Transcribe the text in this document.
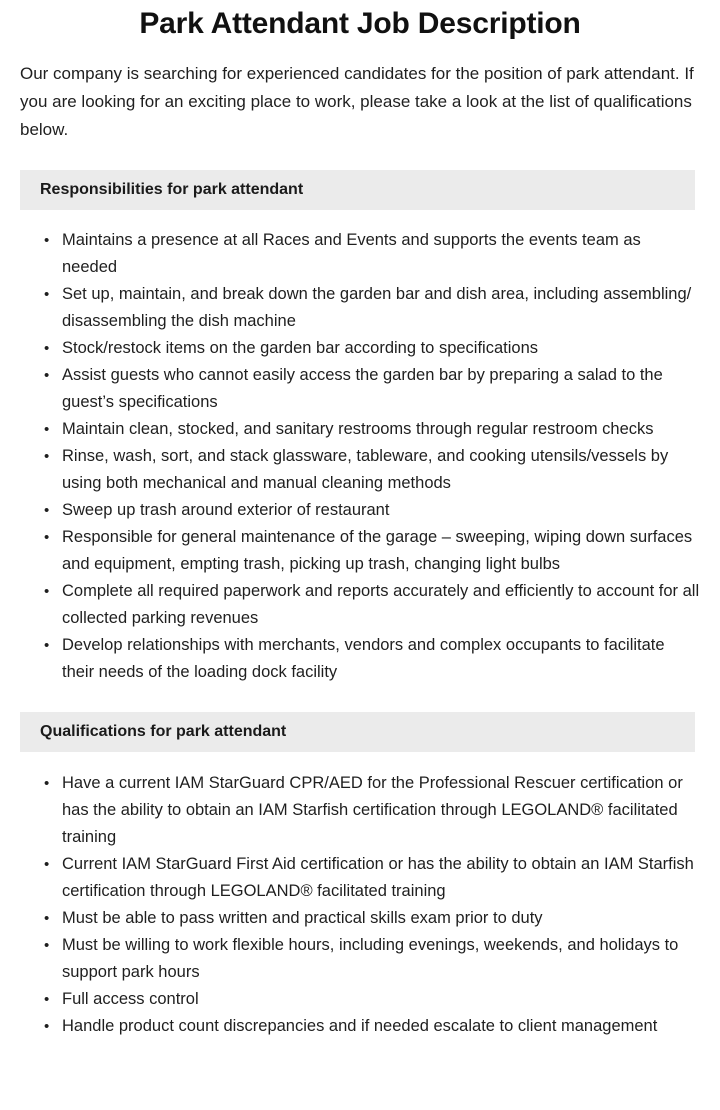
Park Attendant Job Description

Our company is searching for experienced candidates for the position of park attendant. If you are looking for an exciting place to work, please take a look at the list of qualifications below.

Responsibilities for park attendant
• Maintains a presence at all Races and Events and supports the events team as needed
• Set up, maintain, and break down the garden bar and dish area, including assembling/ disassembling the dish machine
• Stock/restock items on the garden bar according to specifications
• Assist guests who cannot easily access the garden bar by preparing a salad to the guest’s specifications
• Maintain clean, stocked, and sanitary restrooms through regular restroom checks
• Rinse, wash, sort, and stack glassware, tableware, and cooking utensils/vessels by using both mechanical and manual cleaning methods
• Sweep up trash around exterior of restaurant
• Responsible for general maintenance of the garage – sweeping, wiping down surfaces and equipment, empting trash, picking up trash, changing light bulbs
• Complete all required paperwork and reports accurately and efficiently to account for all collected parking revenues
• Develop relationships with merchants, vendors and complex occupants to facilitate their needs of the loading dock facility
Qualifications for park attendant
• Have a current IAM StarGuard CPR/AED for the Professional Rescuer certification or has the ability to obtain an IAM Starfish certification through LEGOLAND® facilitated training
• Current IAM StarGuard First Aid certification or has the ability to obtain an IAM Starfish certification through LEGOLAND® facilitated training
• Must be able to pass written and practical skills exam prior to duty
• Must be willing to work flexible hours, including evenings, weekends, and holidays to support park hours
• Full access control
• Handle product count discrepancies and if needed escalate to client management
